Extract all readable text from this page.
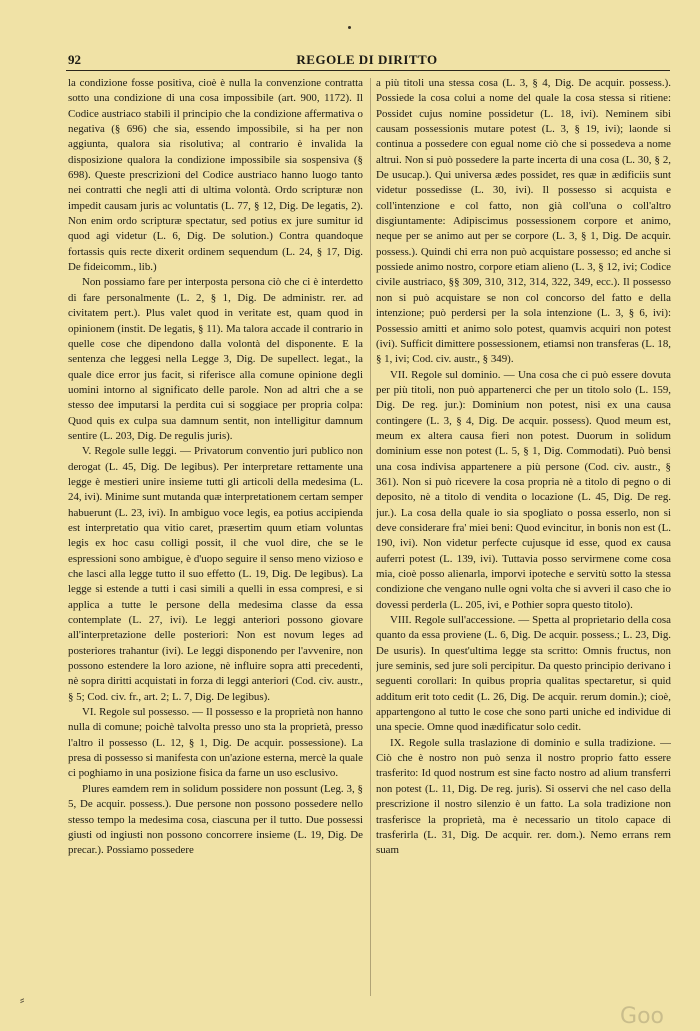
92	REGOLE DI DIRITTO

la condizione fosse positiva, cioè è nulla la convenzione contratta sotto una condizione di una cosa impossibile (art. 900, 1172). Il Codice austriaco stabilì il principio che la condizione affermativa o negativa (§ 696) che sia, essendo impossibile, si ha per non aggiunta, qualora sia risolutiva; al contrario è invalida la disposizione qualora la condizione impossibile sia sospensiva (§ 698). Queste prescrizioni del Codice austriaco hanno luogo tanto nei contratti che negli atti di ultima volontà. Ordo scripturæ non impedit causam juris ac voluntatis (L. 77, § 12, Dig. De legatis, 2). Non enim ordo scripturæ spectatur, sed potius ex jure sumitur id quod agi videtur (L. 6, Dig. De solution.) Contra quandoque fortassis quis recte dixerit ordinem sequendum (L. 24, § 17, Dig. De fideicomm., lib.)

Non possiamo fare per interposta persona ciò che ci è interdetto di fare personalmente (L. 2, § 1, Dig. De administr. rer. ad civitatem pert.). Plus valet quod in veritate est, quam quod in opinionem (instit. De legatis, § 11). Ma talora accade il contrario in quelle cose che dipendono dalla volontà del disponente. E la sentenza che leggesi nella Legge 3, Dig. De supellect. legat., la quale dice error jus facit, si riferisce alla comune opinione degli uomini intorno al significato delle parole. Non ad altri che a se stesso dee imputarsi la perdita cui si soggiace per propria colpa: Quod quis ex culpa sua damnum sentit, non intelligitur damnum sentire (L. 203, Dig. De regulis juris).

V. Regole sulle leggi. — Privatorum conventio juri publico non derogat (L. 45, Dig. De legibus). Per interpretare rettamente una legge è mestieri unire insieme tutti gli articoli della medesima (L. 24, ivi). Minime sunt mutanda quæ interpretationem certam semper habuerunt (L. 23, ivi). In ambiguo voce legis, ea potius accipienda est interpretatio qua vitio caret, præsertim quum etiam voluntas legis ex hoc casu colligi possit, il che vuol dire, che se le espressioni sono ambigue, è d'uopo seguire il senso meno vizioso e che lasci alla legge tutto il suo effetto (L. 19, Dig. De legibus). La legge si estende a tutti i casi simili a quelli in essa compresi, e si applica a tutte le persone della medesima classe da essa contemplate (L. 27, ivi). Le leggi anteriori possono giovare all'interpretazione delle posteriori: Non est novum leges ad posteriores trahantur (ivi). Le leggi disponendo per l'avvenire, non possono estendere la loro azione, nè influire sopra atti precedenti, nè sopra diritti acquistati in forza di leggi anteriori (Cod. civ. austr., § 5; Cod. civ. fr., art. 2; L. 7, Dig. De legibus).

VI. Regole sul possesso. — Il possesso e la proprietà non hanno nulla di comune; poichè talvolta presso uno sta la proprietà, presso l'altro il possesso (L. 12, § 1, Dig. De acquir. possessione). La presa di possesso si manifesta con un'azione esterna, mercè la quale ci poghiamo in una posizione fisica da farne un uso esclusivo.

Plures eamdem rem in solidum possidere non possunt (Leg. 3, § 5, De acquir. possess.). Due persone non possono possedere nello stesso tempo la medesima cosa, ciascuna per il tutto. Due possessi giusti od ingiusti non possono concorrere insieme (L. 19, Dig. De precar.). Possiamo possedere

a più titoli una stessa cosa (L. 3, § 4, Dig. De acquir. possess.). Possiede la cosa colui a nome del quale la cosa stessa si ritiene: Possidet cujus nomine possidetur (L. 18, ivi). Neminem sibi causam possessionis mutare potest (L. 3, § 19, ivi); laonde si continua a possedere con egual nome ciò che si possedeva a nome altrui. Non si può possedere la parte incerta di una cosa (L. 30, § 2, De usucap.). Qui universa ædes possidet, res quæ in ædificiis sunt videtur possedisse (L. 30, ivi). Il possesso si acquista e coll'intenzione e col fatto, non già coll'una o coll'altro disgiuntamente: Adipiscimus possessionem corpore et animo, neque per se animo aut per se corpore (L. 3, § 1, Dig. De acquir. possess.). Quindi chi erra non può acquistare possesso; ed anche si possiede animo nostro, corpore etiam alieno (L. 3, § 12, ivi; Codice civile austriaco, §§ 309, 310, 312, 314, 322, 349, ecc.). Il possesso non si può acquistare se non col concorso del fatto e della intenzione; può perdersi per la sola intenzione (L. 3, § 6, ivi): Possessio amitti et animo solo potest, quamvis acquiri non potest (ivi). Sufficit dimittere possessionem, etiamsi non transferas (L. 18, § 1, ivi; Cod. civ. austr., § 349).

VII. Regole sul dominio. — Una cosa che ci può essere dovuta per più titoli, non può appartenerci che per un titolo solo (L. 159, Dig. De reg. jur.): Dominium non potest, nisi ex una causa contingere (L. 3, § 4, Dig. De acquir. possess). Quod meum est, meum ex altera causa fieri non potest. Duorum in solidum dominium esse non potest (L. 5, § 1, Dig. Commodati). Può bensì una cosa indivisa appartenere a più persone (Cod. civ. austr., § 361). Non si può ricevere la cosa propria nè a titolo di pegno o di deposito, nè a titolo di vendita o locazione (L. 45, Dig. De reg. jur.). La cosa della quale io sia spogliato o possa esserlo, non si deve considerare fra' miei beni: Quod evincitur, in bonis non est (L. 190, ivi). Non videtur perfecte cujusque id esse, quod ex causa auferri potest (L. 139, ivi). Tuttavia posso servirmene come cosa mia, cioè posso alienarla, imporvi ipoteche e servitù sotto la stessa condizione che vengano nulle ogni volta che si avveri il caso che io dovessi perderla (L. 205, ivi, e Pothier sopra questo titolo).

VIII. Regole sull'accessione. — Spetta al proprietario della cosa quanto da essa proviene (L. 6, Dig. De acquir. possess.; L. 23, Dig. De usuris). In quest'ultima legge sta scritto: Omnis fructus, non jure seminis, sed jure soli percipitur. Da questo principio derivano i seguenti corollari: In quibus propria qualitas spectaretur, si quid additum erit toto cedit (L. 26, Dig. De acquir. rerum domin.); cioè, appartengono al tutto le cose che sono parti uniche ed individue di una specie. Omne quod inædificatur solo cedit.

IX. Regole sulla traslazione di dominio e sulla tradizione. — Ciò che è nostro non può senza il nostro proprio fatto essere trasferito: Id quod nostrum est sine facto nostro ad alium transferri non potest (L. 11, Dig. De reg. juris). Si osservi che nel caso della prescrizione il nostro silenzio è un fatto. La sola tradizione non trasferisce la proprietà, ma è necessario un titolo capace di trasferirla (L. 31, Dig. De acquir. rer. dom.). Nemo errans rem suam

⸗
Goo
